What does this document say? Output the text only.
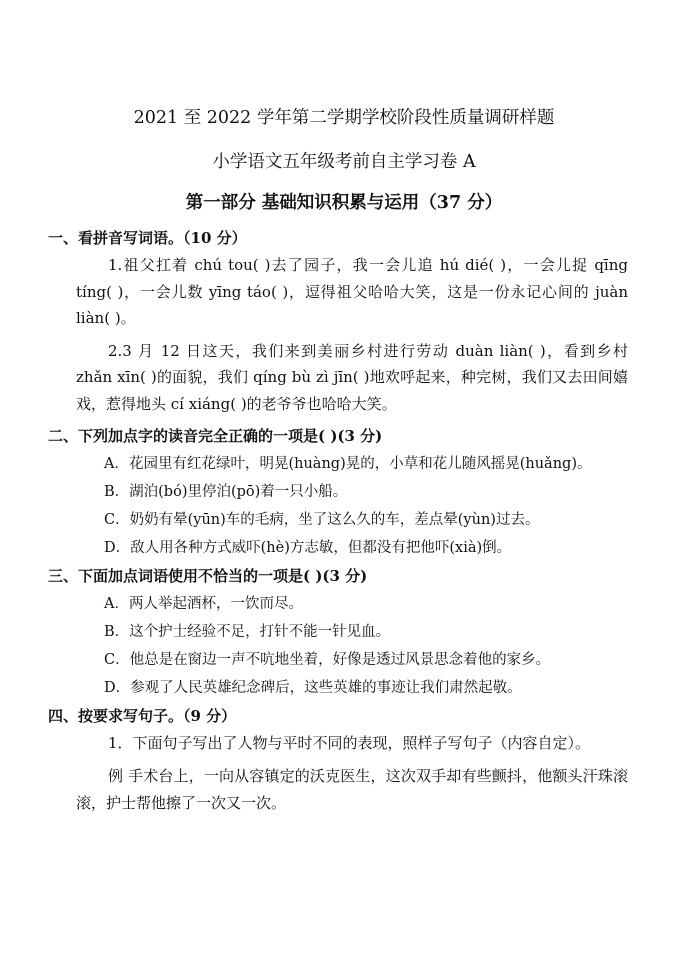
2021 至 2022 学年第二学期学校阶段性质量调研样题
小学语文五年级考前自主学习卷 A
第一部分 基础知识积累与运用（37 分）

一、看拼音写词语。（10 分）

1.祖父扛着 chú tou( )去了园子，我一会儿追 hú dié( )，一会儿捉 qīng tíng( )，一会儿数 yīng táo( )，逗得祖父哈哈大笑，这是一份永记心间的 juàn liàn( )。

2.3 月 12 日这天，我们来到美丽乡村进行劳动 duàn liàn( )，看到乡村 zhǎn xīn( )的面貌，我们 qíng bù zì jīn( )地欢呼起来，种完树，我们又去田间嬉戏，惹得地头 cí xiáng( )的老爷爷也哈哈大笑。

二、下列加点字的读音完全正确的一项是( )(3 分)

A．花园里有红花绿叶，明晃(huàng)晃的，小草和花儿随风摇晃(huǎng)。

B．湖泊(bó)里停泊(pō)着一只小船。

C．奶奶有晕(yūn)车的毛病，坐了这么久的车，差点晕(yùn)过去。

D．敌人用各种方式威吓(hè)方志敏，但都没有把他吓(xià)倒。

三、下面加点词语使用不恰当的一项是( )(3 分)

A．两人举起酒杯，一饮而尽。

B．这个护士经验不足，打针不能一针见血。

C．他总是在窗边一声不吭地坐着，好像是透过风景思念着他的家乡。

D．参观了人民英雄纪念碑后，这些英雄的事迹让我们肃然起敬。

四、按要求写句子。（9 分）

1．下面句子写出了人物与平时不同的表现，照样子写句子（内容自定）。

例 手术台上，一向从容镇定的沃克医生，这次双手却有些颤抖，他额头汗珠滚滚，护士帮他擦了一次又一次。
